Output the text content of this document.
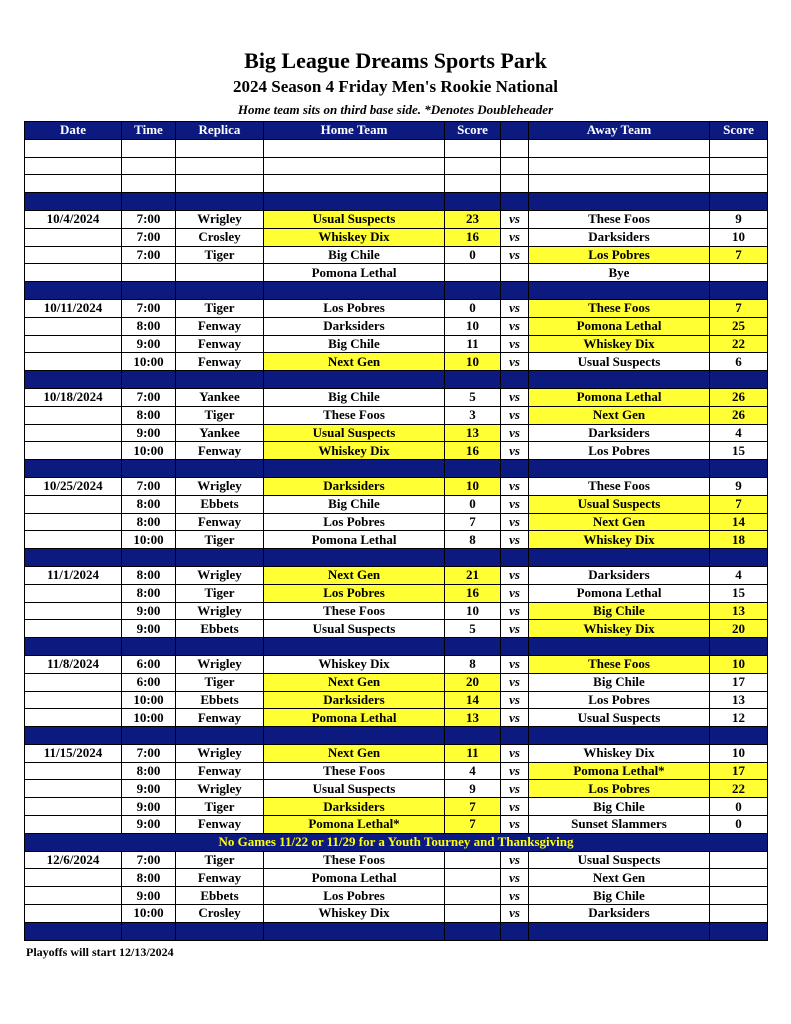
Big League Dreams Sports Park
2024 Season 4 Friday Men's Rookie National
Home team sits on third base side. *Denotes Doubleheader
Date	Time	Replica	Home Team	Score		Away Team	Score

10/4/2024	7:00	Wrigley	Usual Suspects	23	vs	These Foos	9
	7:00	Crosley	Whiskey Dix	16	vs	Darksiders	10
	7:00	Tiger	Big Chile	0	vs	Los Pobres	7
			Pomona Lethal			Bye	

10/11/2024	7:00	Tiger	Los Pobres	0	vs	These Foos	7
	8:00	Fenway	Darksiders	10	vs	Pomona Lethal	25
	9:00	Fenway	Big Chile	11	vs	Whiskey Dix	22
	10:00	Fenway	Next Gen	10	vs	Usual Suspects	6

10/18/2024	7:00	Yankee	Big Chile	5	vs	Pomona Lethal	26
	8:00	Tiger	These Foos	3	vs	Next Gen	26
	9:00	Yankee	Usual Suspects	13	vs	Darksiders	4
	10:00	Fenway	Whiskey Dix	16	vs	Los Pobres	15

10/25/2024	7:00	Wrigley	Darksiders	10	vs	These Foos	9
	8:00	Ebbets	Big Chile	0	vs	Usual Suspects	7
	8:00	Fenway	Los Pobres	7	vs	Next Gen	14
	10:00	Tiger	Pomona Lethal	8	vs	Whiskey Dix	18

11/1/2024	8:00	Wrigley	Next Gen	21	vs	Darksiders	4
	8:00	Tiger	Los Pobres	16	vs	Pomona Lethal	15
	9:00	Wrigley	These Foos	10	vs	Big Chile	13
	9:00	Ebbets	Usual Suspects	5	vs	Whiskey Dix	20

11/8/2024	6:00	Wrigley	Whiskey Dix	8	vs	These Foos	10
	6:00	Tiger	Next Gen	20	vs	Big Chile	17
	10:00	Ebbets	Darksiders	14	vs	Los Pobres	13
	10:00	Fenway	Pomona Lethal	13	vs	Usual Suspects	12

11/15/2024	7:00	Wrigley	Next Gen	11	vs	Whiskey Dix	10
	8:00	Fenway	These Foos	4	vs	Pomona Lethal*	17
	9:00	Wrigley	Usual Suspects	9	vs	Los Pobres	22
	9:00	Tiger	Darksiders	7	vs	Big Chile	0
	9:00	Fenway	Pomona Lethal*	7	vs	Sunset Slammers	0
No Games 11/22 or 11/29 for a Youth Tourney and Thanksgiving							
12/6/2024	7:00	Tiger	These Foos		vs	Usual Suspects	
	8:00	Fenway	Pomona Lethal		vs	Next Gen	
	9:00	Ebbets	Los Pobres		vs	Big Chile	
	10:00	Crosley	Whiskey Dix		vs	Darksiders	

Playoffs will start 12/13/2024
